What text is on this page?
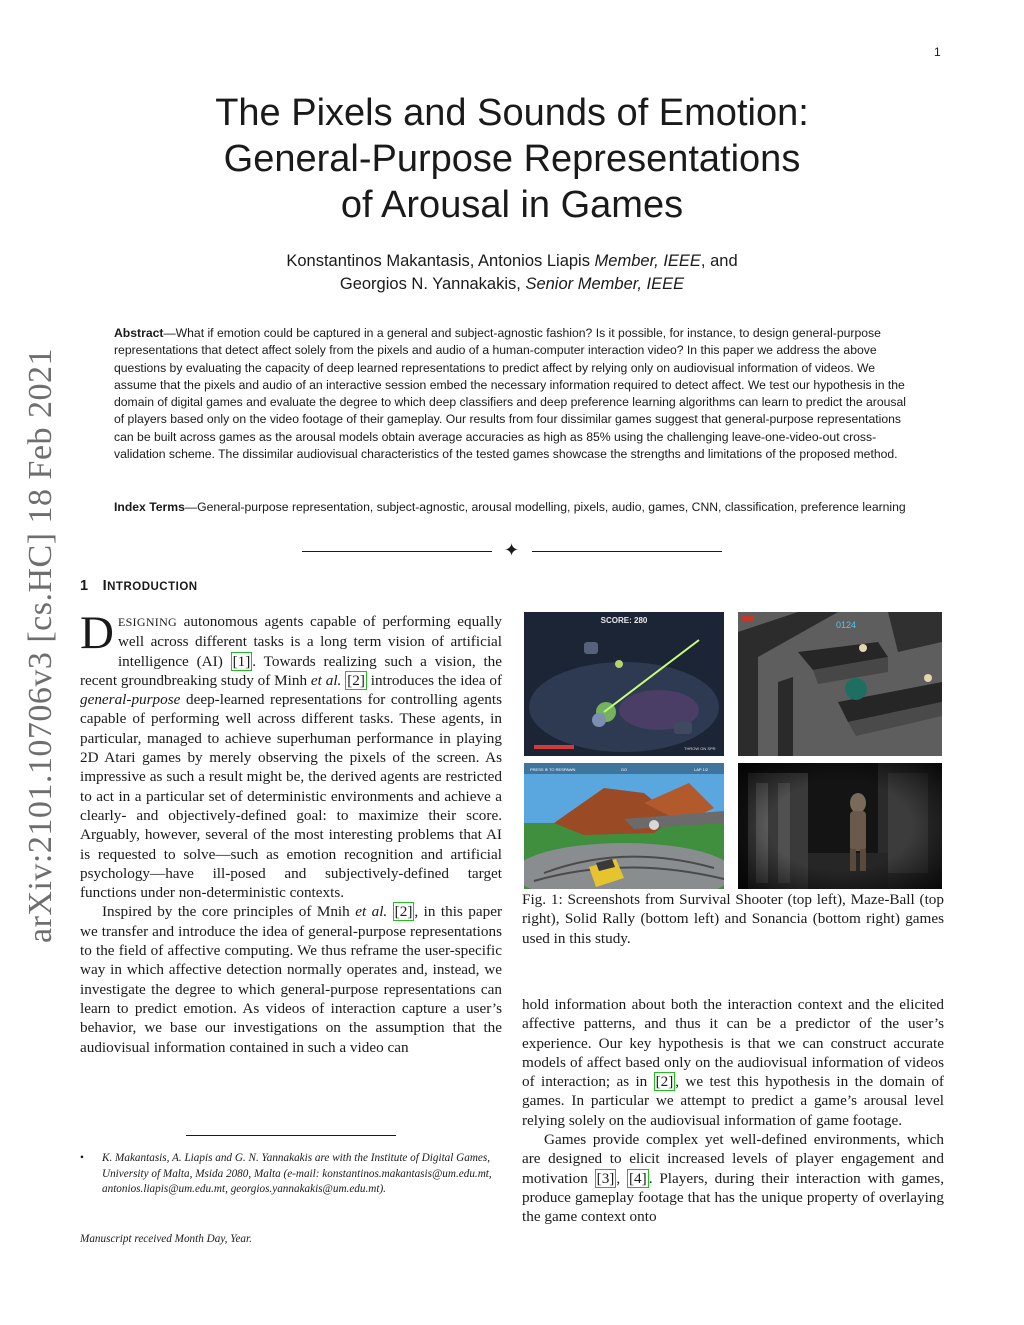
1
arXiv:2101.10706v3 [cs.HC] 18 Feb 2021
The Pixels and Sounds of Emotion:
General-Purpose Representations
of Arousal in Games
Konstantinos Makantasis, Antonios Liapis Member, IEEE, and
Georgios N. Yannakakis, Senior Member, IEEE
Abstract—What if emotion could be captured in a general and subject-agnostic fashion? Is it possible, for instance, to design general-purpose representations that detect affect solely from the pixels and audio of a human-computer interaction video? In this paper we address the above questions by evaluating the capacity of deep learned representations to predict affect by relying only on audiovisual information of videos. We assume that the pixels and audio of an interactive session embed the necessary information required to detect affect. We test our hypothesis in the domain of digital games and evaluate the degree to which deep classifiers and deep preference learning algorithms can learn to predict the arousal of players based only on the video footage of their gameplay. Our results from four dissimilar games suggest that general-purpose representations can be built across games as the arousal models obtain average accuracies as high as 85% using the challenging leave-one-video-out cross-validation scheme. The dissimilar audiovisual characteristics of the tested games showcase the strengths and limitations of the proposed method.
Index Terms—General-purpose representation, subject-agnostic, arousal modelling, pixels, audio, games, CNN, classification, preference learning
✦
1 INTRODUCTION

DESIGNING autonomous agents capable of performing equally well across different tasks is a long term vision of artificial intelligence (AI) [1] . Towards realizing such a vision, the recent groundbreaking study of Minh et al. [2] introduces the idea of general-purpose deep-learned representations for controlling agents capable of performing well across different tasks. These agents, in particular, managed to achieve superhuman performance in playing 2D Atari games by merely observing the pixels of the screen. As impressive as such a result might be, the derived agents are restricted to act in a particular set of deterministic environments and achieve a clearly- and objectively-defined goal: to maximize their score. Arguably, however, several of the most interesting problems that AI is requested to solve—such as emotion recognition and artificial psychology—have ill-posed and subjectively-defined target functions under non-deterministic contexts.

Inspired by the core principles of Mnih et al. [2] , in this paper we transfer and introduce the idea of general-purpose representations to the field of affective computing. We thus reframe the user-specific way in which affective detection normally operates and, instead, we investigate the degree to which general-purpose representations can learn to predict emotion. As videos of interaction capture a user’s behavior, we base our investigations on the assumption that the audiovisual information contained in such a video can

SCORE: 280
THROW ON SPR
0124
PRESS ⊕ TO RESPAWN	GO	LAP 1/2
Fig. 1: Screenshots from Survival Shooter (top left), Maze-Ball (top right), Solid Rally (bottom left) and Sonancia (bottom right) games used in this study.

hold information about both the interaction context and the elicited affective patterns, and thus it can be a predictor of the user’s experience. Our key hypothesis is that we can construct accurate models of affect based only on the audiovisual information of videos of interaction; as in [2] , we test this hypothesis in the domain of games. In particular we attempt to predict a game’s arousal level relying solely on the audiovisual information of game footage.

Games provide complex yet well-defined environments, which are designed to elicit increased levels of player engagement and motivation [3] , [4] . Players, during their interaction with games, produce gameplay footage that has the unique property of overlaying the game context onto

• K. Makantasis, A. Liapis and G. N. Yannakakis are with the Institute of Digital Games, University of Malta, Msida 2080, Malta (e-mail: konstantinos.makantasis@um.edu.mt, antonios.liapis@um.edu.mt, georgios.yannakakis@um.edu.mt).
Manuscript received Month Day, Year.
